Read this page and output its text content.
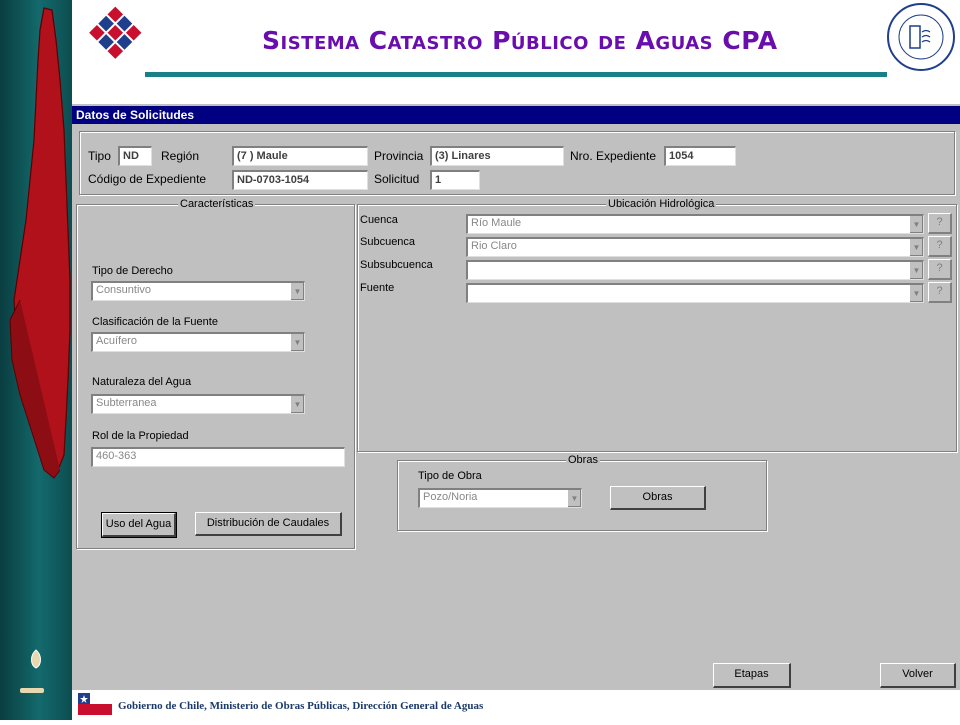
Sistema Catastro Público de Aguas CPA
Datos de Solicitudes
Tipo	ND	Región	(7 ) Maule	Provincia	(3) Linares	Nro. Expediente	1054
Código de Expediente	ND-0703-1054	Solicitud	1
Características
Tipo de Derecho
Consuntivo	▼
Clasificación de la Fuente
Acuífero	▼
Naturaleza del Agua
Subterranea	▼
Rol de la Propiedad
460-363
Uso del Agua	Distribución de Caudales
Ubicación Hidrológica
Cuenca	Río Maule	▼	?
Subcuenca	Rio Claro	▼	?
Subsubcuenca	▼	?
Fuente	▼	?
Obras
Tipo de Obra
Pozo/Noria	▼	Obras
Etapas	Volver
Gobierno de Chile, Ministerio de Obras Públicas, Dirección General de Aguas
